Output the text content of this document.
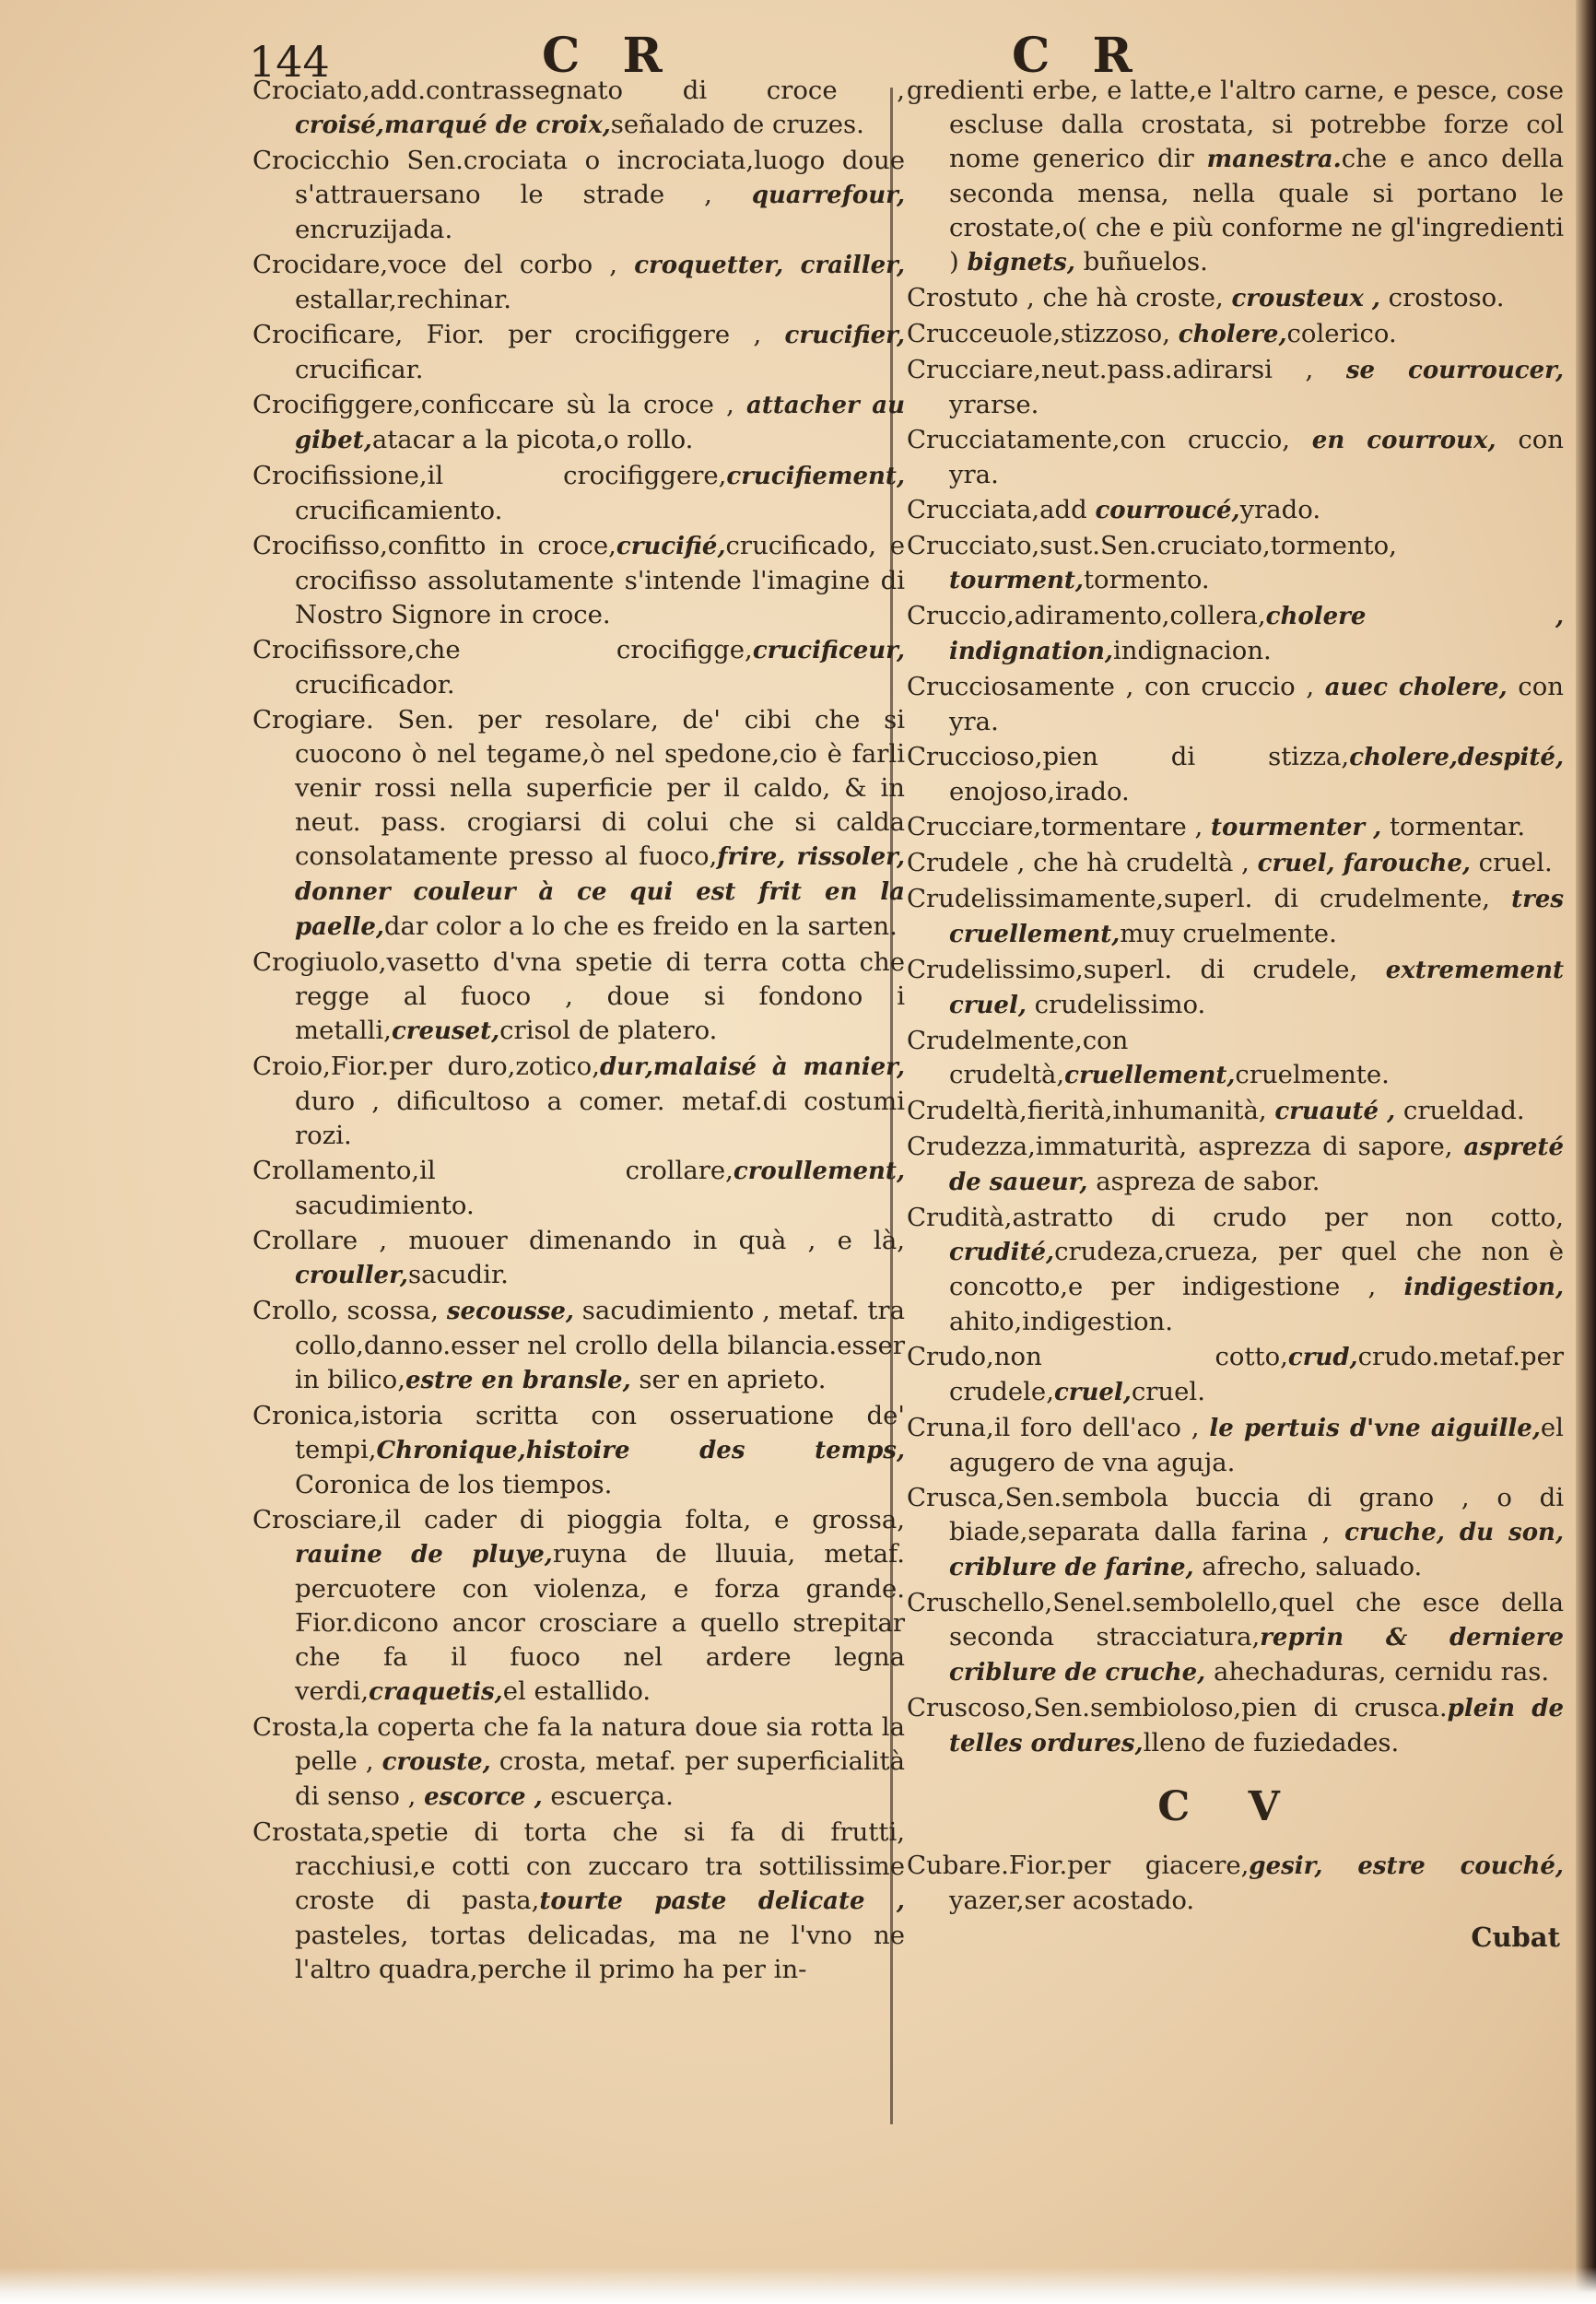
144	C R	C R
Crociato,add.contrassegnato di croce , croisé,marqué de croix,señalado de cruzes.
Crocicchio Sen.crociata o incrociata,luogo doue s'attrauersano le strade , quarrefour, encruzijada.
Crocidare,voce del corbo , croquetter, crailler, estallar,rechinar.
Crocificare, Fior. per crocifiggere , crucifier, crucificar.
Crocifiggere,conficcare sù la croce , attacher au gibet,atacar a la picota,o rollo.
Crocifissione,il crocifiggere,crucifiement, crucificamiento.
Crocifisso,confitto in croce,crucifié,crucificado, e crocifisso assolutamente s'intende l'imagine di Nostro Signore in croce.
Crocifissore,che crocifigge,crucificeur, crucificador.
Crogiare. Sen. per resolare, de' cibi che si cuocono ò nel tegame,ò nel spedone,cio è farli venir rossi nella superficie per il caldo, & in neut. pass. crogiarsi di colui che si calda consolatamente presso al fuoco,frire, rissoler, donner couleur à ce qui est frit en la paelle,dar color a lo che es freido en la sarten.
Crogiuolo,vasetto d'vna spetie di terra cotta che regge al fuoco , doue si fondono i metalli,creuset,crisol de platero.
Croio,Fior.per duro,zotico,dur,malaisé à manier, duro , dificultoso a comer. metaf.di costumi rozi.
Crollamento,il crollare,croullement, sacudimiento.
Crollare , muouer dimenando in quà , e là, crouller,sacudir.
Crollo, scossa, secousse, sacudimiento , metaf. tra collo,danno.esser nel crollo della bilancia.esser in bilico,estre en bransle, ser en aprieto.
Cronica,istoria scritta con osseruatione de' tempi,Chronique,histoire des temps, Coronica de los tiempos.
Crosciare,il cader di pioggia folta, e grossa, rauine de pluye,ruyna de lluuia, metaf. percuotere con violenza, e forza grande. Fior.dicono ancor crosciare a quello strepitar che fa il fuoco nel ardere legna verdi,craquetis,el estallido.
Crosta,la coperta che fa la natura doue sia rotta la pelle , crouste, crosta, metaf. per superficialità di senso , escorce , escuerça.
Crostata,spetie di torta che si fa di frutti, racchiusi,e cotti con zuccaro tra sottilissime croste di pasta,tourte paste delicate , pasteles, tortas delicadas, ma ne l'vno ne l'altro quadra,perche il primo ha per in-
gredienti erbe, e latte,e l'altro carne, e pesce, cose escluse dalla crostata, si potrebbe forze col nome generico dir manestra.che e anco della seconda mensa, nella quale si portano le crostate,o( che e più conforme ne gl'ingredienti ) bignets, buñuelos.
Crostuto , che hà croste, crousteux , crostoso.
Crucceuole,stizzoso, cholere,colerico.
Crucciare,neut.pass.adirarsi , se courroucer, yrarse.
Crucciatamente,con cruccio, en courroux, con yra.
Crucciata,add courroucé,yrado.
Crucciato,sust.Sen.cruciato,tormento, tourment,tormento.
Cruccio,adiramento,collera,cholere , indignation,indignacion.
Crucciosamente , con cruccio , auec cholere, con yra.
Cruccioso,pien di stizza,cholere,despité, enojoso,irado.
Crucciare,tormentare , tourmenter , tormentar.
Crudele , che hà crudeltà , cruel, farouche, cruel.
Crudelissimamente,superl. di crudelmente, tres cruellement,muy cruelmente.
Crudelissimo,superl. di crudele, extremement cruel, crudelissimo.
Crudelmente,con crudeltà,cruellement,cruelmente.
Crudeltà,fierità,inhumanità, cruauté , crueldad.
Crudezza,immaturità, asprezza di sapore, aspreté de saueur, aspreza de sabor.
Crudità,astratto di crudo per non cotto, crudité,crudeza,crueza, per quel che non è concotto,e per indigestione , indigestion, ahito,indigestion.
Crudo,non cotto,crud,crudo.metaf.per crudele,cruel,cruel.
Cruna,il foro dell'aco , le pertuis d'vne aiguille,el agugero de vna aguja.
Crusca,Sen.sembola buccia di grano , o di biade,separata dalla farina , cruche, du son, criblure de farine, afrecho, saluado.
Cruschello,Senel.sembolello,quel che esce della seconda stracciatura,reprin & derniere criblure de cruche, ahechaduras, cernidu ras.
Cruscoso,Sen.sembioloso,pien di crusca.plein de telles ordures,lleno de fuziedades.
C V
Cubare.Fior.per giacere,gesir, estre couché, yazer,ser acostado.
Cubat
